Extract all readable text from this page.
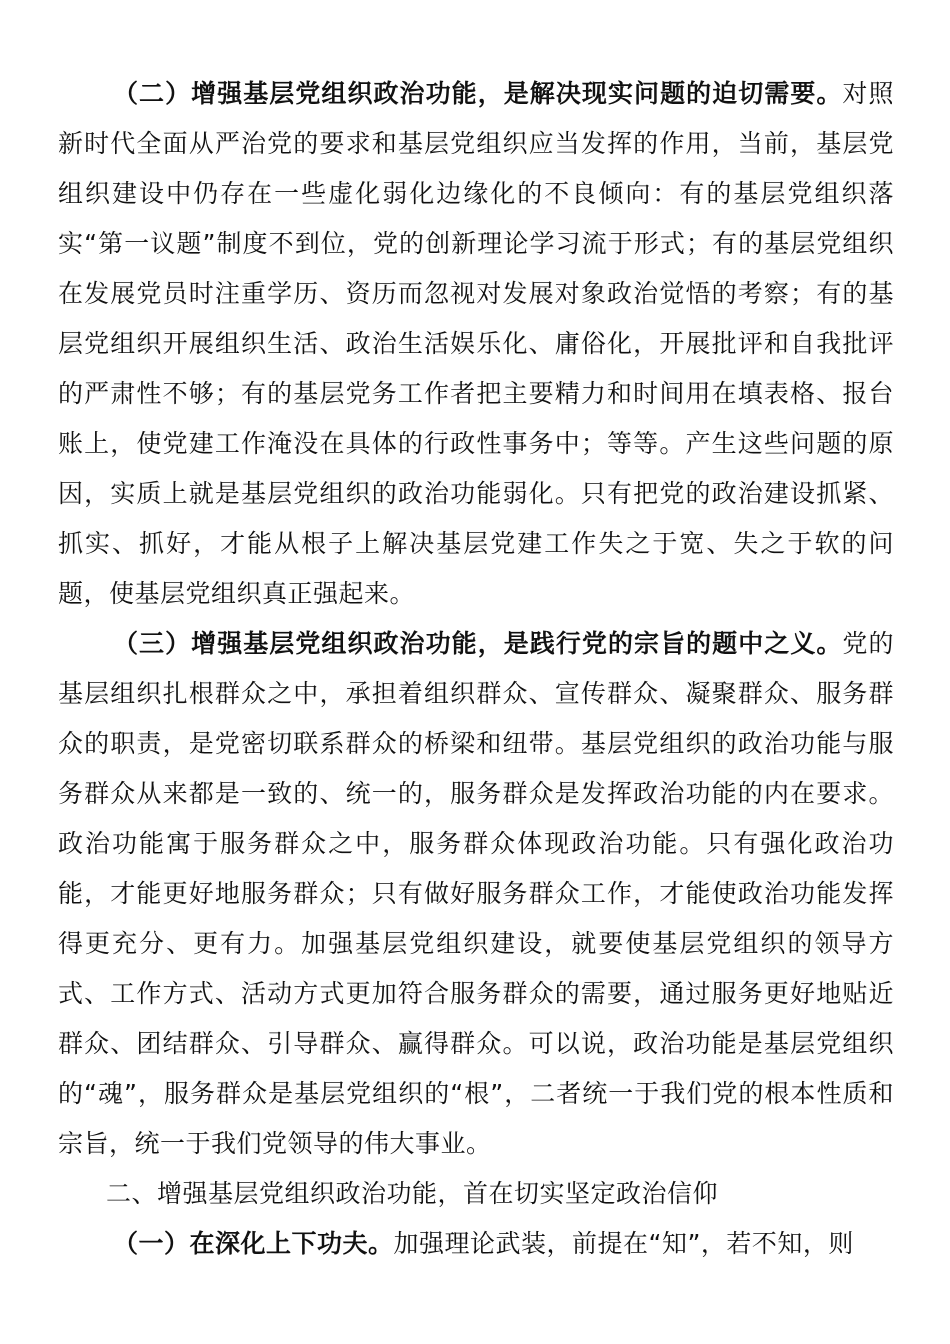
（二）增强基层党组织政治功能，是解决现实问题的迫切需要。对照新时代全面从严治党的要求和基层党组织应当发挥的作用，当前，基层党组织建设中仍存在一些虚化弱化边缘化的不良倾向：有的基层党组织落实“第一议题”制度不到位，党的创新理论学习流于形式；有的基层党组织在发展党员时注重学历、资历而忽视对发展对象政治觉悟的考察；有的基层党组织开展组织生活、政治生活娱乐化、庸俗化，开展批评和自我批评的严肃性不够；有的基层党务工作者把主要精力和时间用在填表格、报台账上，使党建工作淹没在具体的行政性事务中；等等。产生这些问题的原因，实质上就是基层党组织的政治功能弱化。只有把党的政治建设抓紧、抓实、抓好，才能从根子上解决基层党建工作失之于宽、失之于软的问题，使基层党组织真正强起来。

（三）增强基层党组织政治功能，是践行党的宗旨的题中之义。党的基层组织扎根群众之中，承担着组织群众、宣传群众、凝聚群众、服务群众的职责，是党密切联系群众的桥梁和纽带。基层党组织的政治功能与服务群众从来都是一致的、统一的，服务群众是发挥政治功能的内在要求。政治功能寓于服务群众之中，服务群众体现政治功能。只有强化政治功能，才能更好地服务群众；只有做好服务群众工作，才能使政治功能发挥得更充分、更有力。加强基层党组织建设，就要使基层党组织的领导方式、工作方式、活动方式更加符合服务群众的需要，通过服务更好地贴近群众、团结群众、引导群众、赢得群众。可以说，政治功能是基层党组织的“魂”，服务群众是基层党组织的“根”，二者统一于我们党的根本性质和宗旨，统一于我们党领导的伟大事业。

二、增强基层党组织政治功能，首在切实坚定政治信仰

（一）在深化上下功夫。加强理论武装，前提在“知”，若不知，则
